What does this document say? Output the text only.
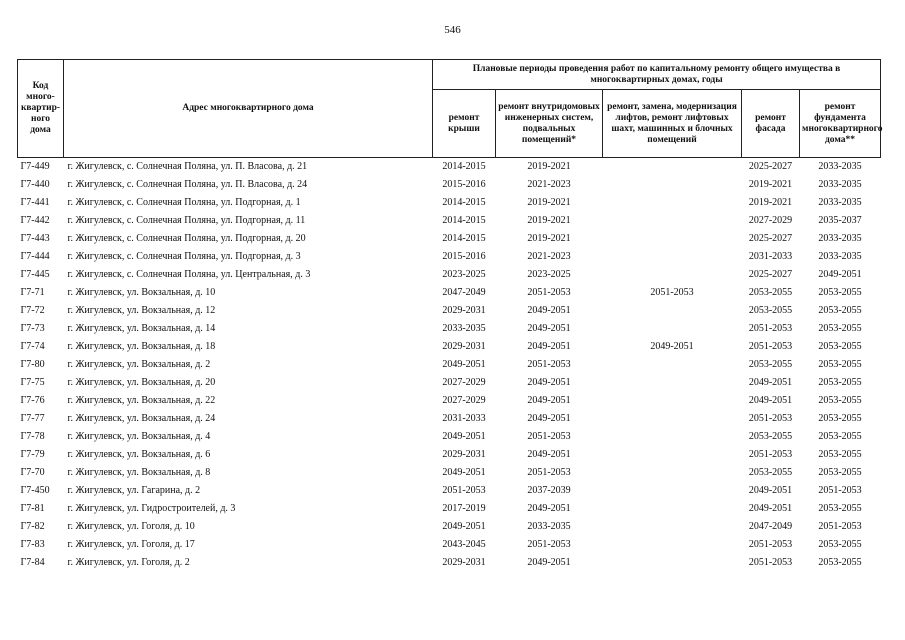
546
Код много-квартир-ного дома	Адрес многоквартирного дома	Плановые периоды проведения работ по капитальному ремонту общего имущества в многоквартирных домах, годы				
		ремонт крыши	ремонт внутридомовых инженерных систем, подвальных помещений*	ремонт, замена, модернизация лифтов, ремонт лифтовых шахт, машинных и блочных помещений	ремонт фасада	ремонт фундамента многоквартирного дома**
Г7-449	г. Жигулевск, с. Солнечная Поляна, ул. П. Власова, д. 21	2014-2015	2019-2021		2025-2027	2033-2035
Г7-440	г. Жигулевск, с. Солнечная Поляна, ул. П. Власова, д. 24	2015-2016	2021-2023		2019-2021	2033-2035
Г7-441	г. Жигулевск, с. Солнечная Поляна, ул. Подгорная, д. 1	2014-2015	2019-2021		2019-2021	2033-2035
Г7-442	г. Жигулевск, с. Солнечная Поляна, ул. Подгорная, д. 11	2014-2015	2019-2021		2027-2029	2035-2037
Г7-443	г. Жигулевск, с. Солнечная Поляна, ул. Подгорная, д. 20	2014-2015	2019-2021		2025-2027	2033-2035
Г7-444	г. Жигулевск, с. Солнечная Поляна, ул. Подгорная, д. 3	2015-2016	2021-2023		2031-2033	2033-2035
Г7-445	г. Жигулевск, с. Солнечная Поляна, ул. Центральная, д. 3	2023-2025	2023-2025		2025-2027	2049-2051
Г7-71	г. Жигулевск, ул. Вокзальная, д. 10	2047-2049	2051-2053	2051-2053	2053-2055	2053-2055
Г7-72	г. Жигулевск, ул. Вокзальная, д. 12	2029-2031	2049-2051		2053-2055	2053-2055
Г7-73	г. Жигулевск, ул. Вокзальная, д. 14	2033-2035	2049-2051		2051-2053	2053-2055
Г7-74	г. Жигулевск, ул. Вокзальная, д. 18	2029-2031	2049-2051	2049-2051	2051-2053	2053-2055
Г7-80	г. Жигулевск, ул. Вокзальная, д. 2	2049-2051	2051-2053		2053-2055	2053-2055
Г7-75	г. Жигулевск, ул. Вокзальная, д. 20	2027-2029	2049-2051		2049-2051	2053-2055
Г7-76	г. Жигулевск, ул. Вокзальная, д. 22	2027-2029	2049-2051		2049-2051	2053-2055
Г7-77	г. Жигулевск, ул. Вокзальная, д. 24	2031-2033	2049-2051		2051-2053	2053-2055
Г7-78	г. Жигулевск, ул. Вокзальная, д. 4	2049-2051	2051-2053		2053-2055	2053-2055
Г7-79	г. Жигулевск, ул. Вокзальная, д. 6	2029-2031	2049-2051		2051-2053	2053-2055
Г7-70	г. Жигулевск, ул. Вокзальная, д. 8	2049-2051	2051-2053		2053-2055	2053-2055
Г7-450	г. Жигулевск, ул. Гагарина, д. 2	2051-2053	2037-2039		2049-2051	2051-2053
Г7-81	г. Жигулевск, ул. Гидростроителей, д. 3	2017-2019	2049-2051		2049-2051	2053-2055
Г7-82	г. Жигулевск, ул. Гоголя, д. 10	2049-2051	2033-2035		2047-2049	2051-2053
Г7-83	г. Жигулевск, ул. Гоголя, д. 17	2043-2045	2051-2053		2051-2053	2053-2055
Г7-84	г. Жигулевск, ул. Гоголя, д. 2	2029-2031	2049-2051		2051-2053	2053-2055
